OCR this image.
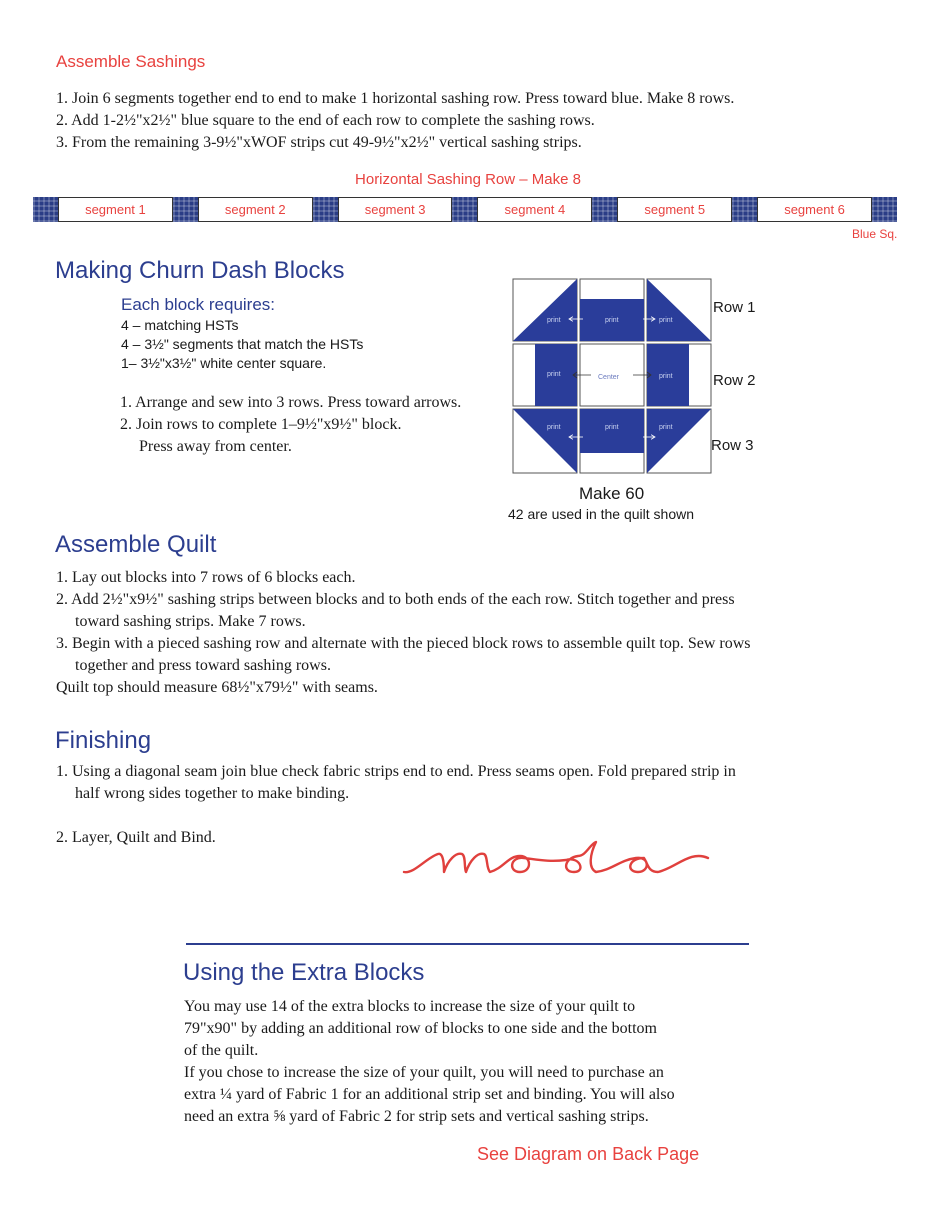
Assemble Sashings

1. Join 6 segments together end to end to make 1 horizontal sashing row. Press toward blue. Make 8 rows.

2. Add 1-2½"x2½" blue square to the end of each row to complete the sashing rows.

3. From the remaining 3-9½"xWOF strips cut 49-9½"x2½" vertical sashing strips.

Horizontal Sashing Row – Make 8
segment 1	segment 2	segment 3	segment 4	segment 5	segment 6
Blue Sq.
Making Churn Dash Blocks
Each block requires:
4 – matching HSTs
4 – 3½" segments that match the HSTs
1– 3½"x3½" white center square.

1. Arrange and sew into 3 rows. Press toward arrows.

2. Join rows to complete 1–9½"x9½" block.

Press away from center.

print	print	print
print	Center	print
print	print	print
Row 1
Row 2
Row 3
Make 60
42 are used in the quilt shown
Assemble Quilt

1. Lay out blocks into 7 rows of 6 blocks each.

2. Add 2½"x9½" sashing strips between blocks and to both ends of the each row. Stitch together and press

toward sashing strips. Make 7 rows.

3. Begin with a pieced sashing row and alternate with the pieced block rows to assemble quilt top. Sew rows

together and press toward sashing rows.

Quilt top should measure 68½"x79½" with seams.

Finishing

1. Using a diagonal seam join blue check fabric strips end to end. Press seams open. Fold prepared strip in

half wrong sides together to make binding.

2. Layer, Quilt and Bind.
Using the Extra Blocks

You may use 14 of the extra blocks to increase the size of your quilt to

79"x90" by adding an additional row of blocks to one side and the bottom

of the quilt.

If you chose to increase the size of your quilt, you will need to purchase an

extra ¼ yard of Fabric 1 for an additional strip set and binding. You will also

need an extra ⅝ yard of Fabric 2 for strip sets and vertical sashing strips.

See Diagram on Back Page
